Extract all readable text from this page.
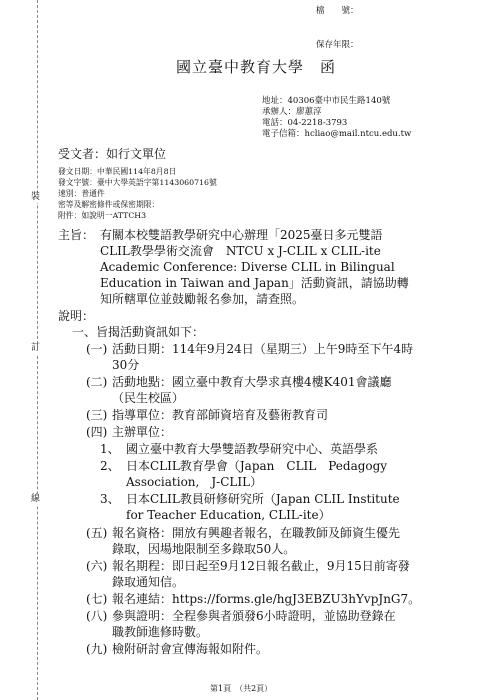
裝
訂
線
檔　　號：
保存年限：
國立臺中教育大學　函
地址：40306臺中市民生路140號
承辦人：廖蕙淳
電話：04-2218-3793
電子信箱：hcliao@mail.ntcu.edu.tw
受文者：如行文單位
發文日期：中華民國114年8月8日
發文字號：臺中大學英語字第1143060716號
速別：普通件
密等及解密條件或保密期限：
附件：如說明一ATTCH3
主旨： 有關本校雙語教學研究中心辦理「2025臺日多元雙語
CLIL教學學術交流會　NTCU x J-CLIL x CLIL-ite
Academic Conference: Diverse CLIL in Bilingual
Education in Taiwan and Japan」活動資訊，請協助轉
知所轄單位並鼓勵報名參加，請查照。
說明：
一、旨揭活動資訊如下：
(一) 活動日期：114年9月24日（星期三）上午9時至下午4時
30分
(二) 活動地點：國立臺中教育大學求真樓4樓K401會議廳
（民生校區）
(三) 指導單位：教育部師資培育及藝術教育司
(四) 主辦單位：
1、 國立臺中教育大學雙語教學研究中心、英語學系
2、 日本CLIL教育學會（Japan　CLIL　Pedagogy
Association,　J-CLIL）
3、 日本CLIL教員研修研究所（Japan CLIL Institute
for Teacher Education, CLIL-ite）
(五) 報名資格：開放有興趣者報名，在職教師及師資生優先
錄取，因場地限制至多錄取50人。
(六) 報名期程：即日起至9月12日報名截止，9月15日前寄發
錄取通知信。
(七) 報名連結：https://forms.gle/hgJ3EBZU3hYvpJnG7。
(八) 參與證明：全程參與者頒發6小時證明，並協助登錄在
職教師進修時數。
(九) 檢附研討會宣傳海報如附件。
第1頁　（共2頁）
